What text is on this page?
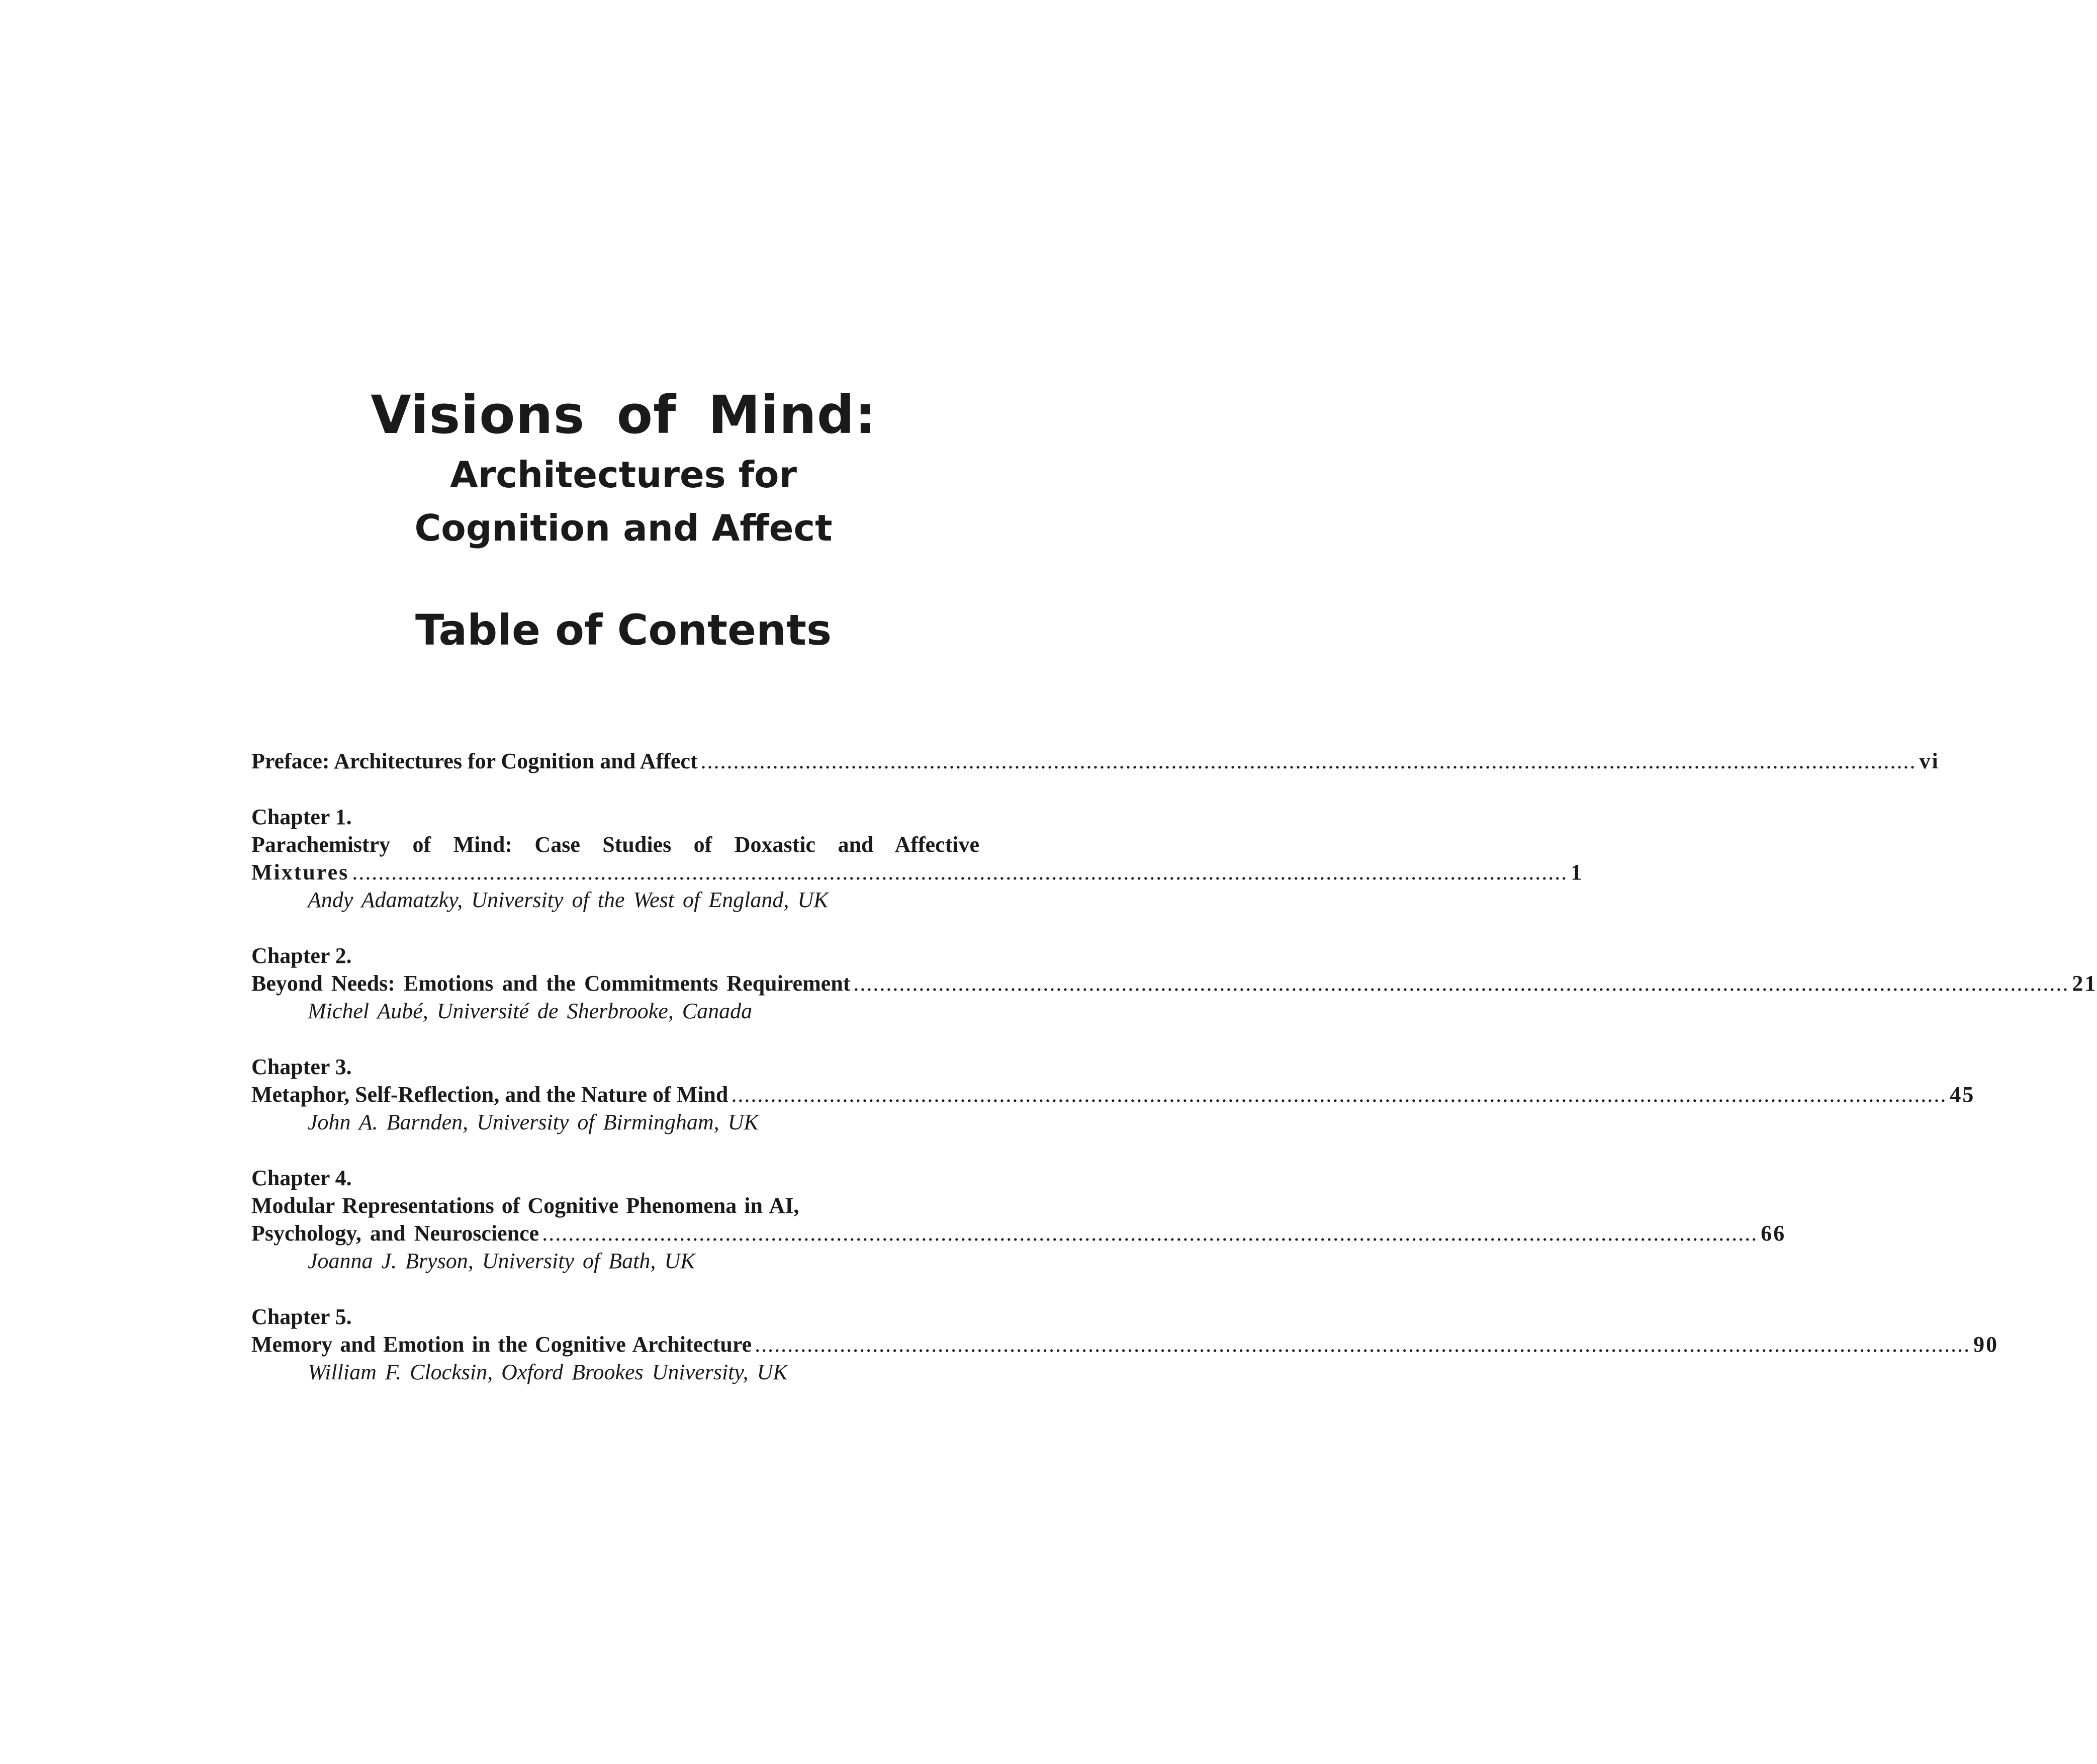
Visions of Mind:
Architectures for
Cognition and Affect
Table of Contents
Preface: Architectures for Cognition and Affect .......................................................................................................................................................................................... vi
Chapter 1.
Parachemistry of Mind: Case Studies of Doxastic and Affective
Mixtures .......................................................................................................................................................................................... 1
Andy Adamatzky, University of the West of England, UK
Chapter 2.
Beyond Needs: Emotions and the Commitments Requirement .......................................................................................................................................................................................... 21
Michel Aubé, Université de Sherbrooke, Canada
Chapter 3.
Metaphor, Self-Reflection, and the Nature of Mind .......................................................................................................................................................................................... 45
John A. Barnden, University of Birmingham, UK
Chapter 4.
Modular Representations of Cognitive Phenomena in AI,
Psychology, and Neuroscience .......................................................................................................................................................................................... 66
Joanna J. Bryson, University of Bath, UK
Chapter 5.
Memory and Emotion in the Cognitive Architecture .......................................................................................................................................................................................... 90
William F. Clocksin, Oxford Brookes University, UK
